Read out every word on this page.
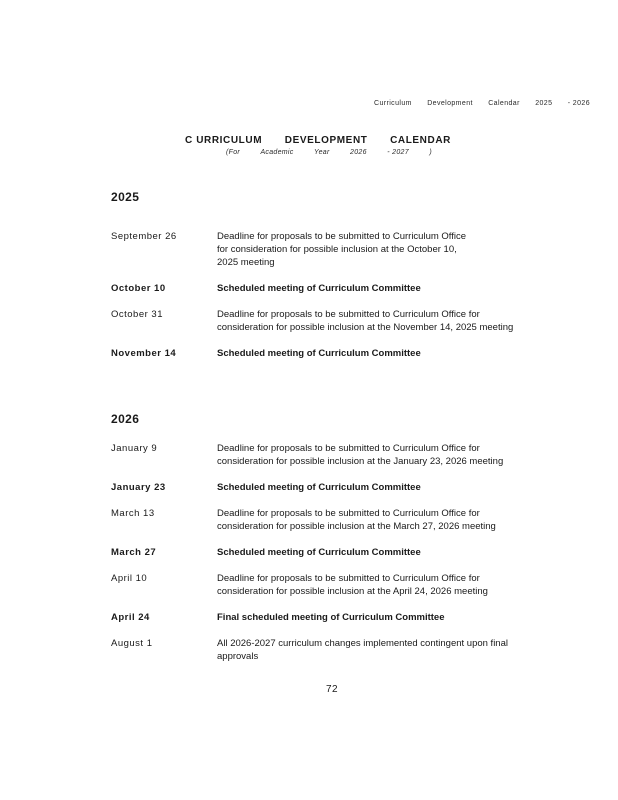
Curriculum Development Calendar 2025 - 2026
C URRICULUM DEVELOPMENT CALENDAR
(For	Academic	Year	2026	- 2027	)
2025
September 26	Deadline for proposals to be submitted to Curriculum Office
for consideration for possible inclusion at the October 10,
2025 meeting
October 10	Scheduled meeting of Curriculum Committee
October 31	Deadline for proposals to be submitted to Curriculum Office for
consideration for possible inclusion at the November 14, 2025 meeting
November 14	Scheduled meeting of Curriculum Committee
2026
January 9	Deadline for proposals to be submitted to Curriculum Office for
consideration for possible inclusion at the January 23, 2026 meeting
January 23	Scheduled meeting of Curriculum Committee
March 13	Deadline for proposals to be submitted to Curriculum Office for
consideration for possible inclusion at the March 27, 2026 meeting
March 27	Scheduled meeting of Curriculum Committee
April 10	Deadline for proposals to be submitted to Curriculum Office for
consideration for possible inclusion at the April 24, 2026 meeting
April 24	Final scheduled meeting of Curriculum Committee
August 1	All 2026-2027 curriculum changes implemented contingent upon final
approvals
72
